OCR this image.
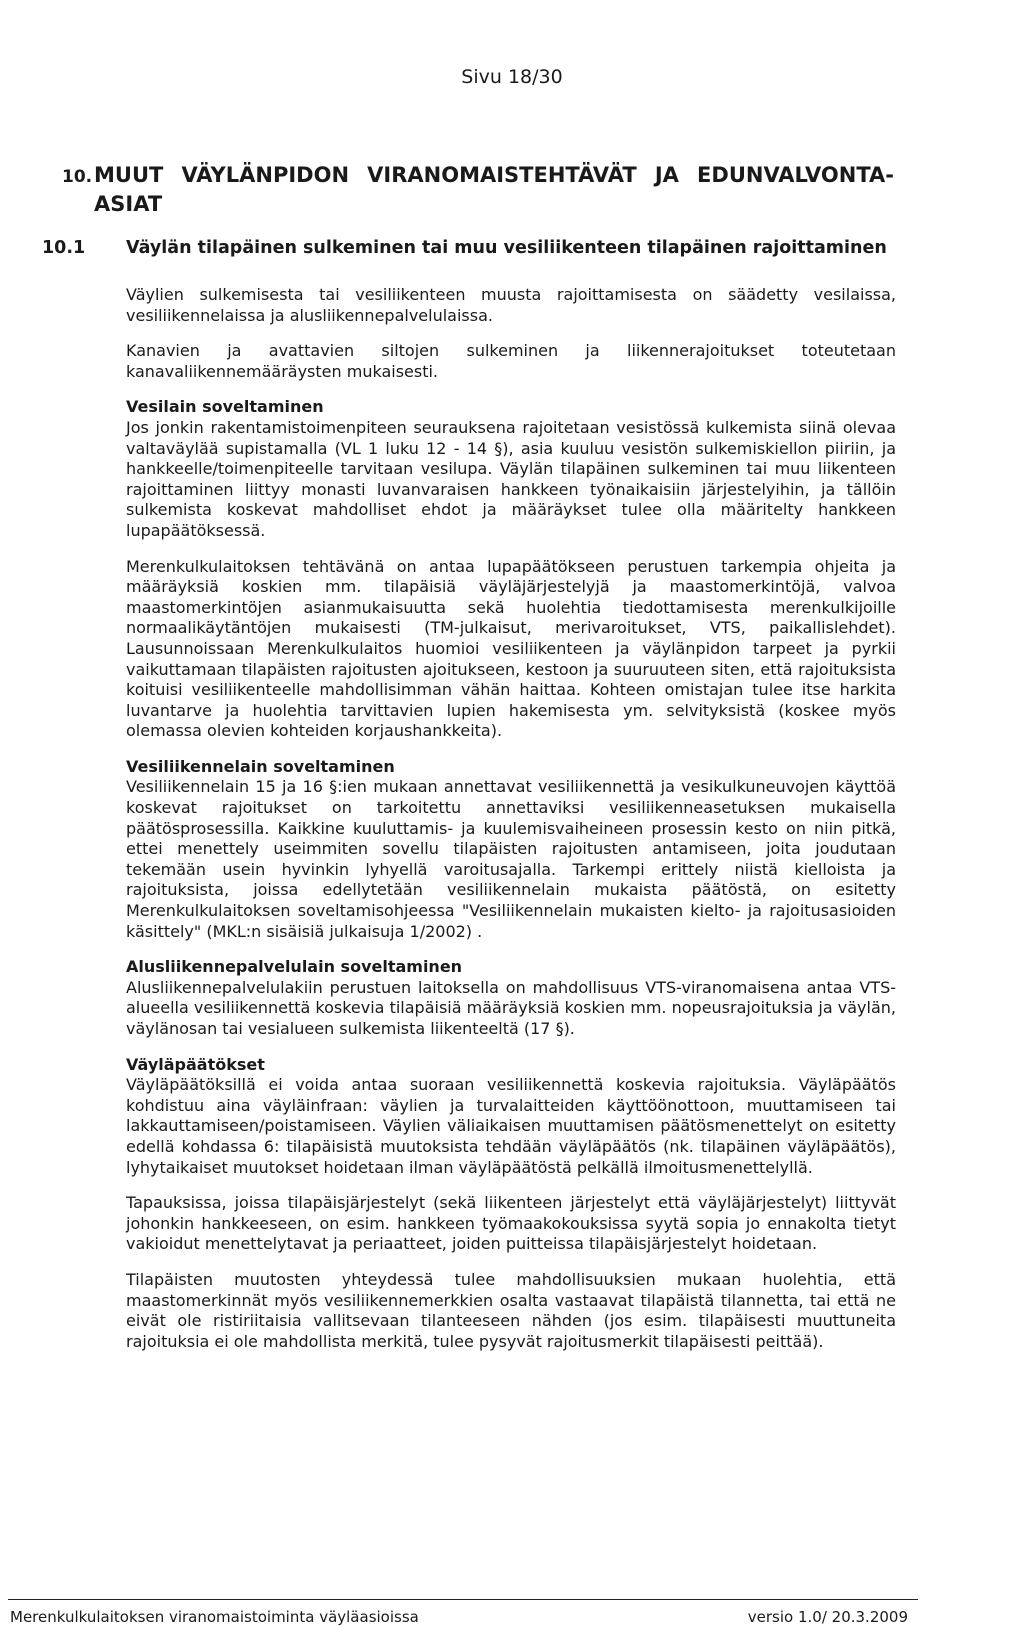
Sivu 18/30
10.MUUT VÄYLÄNPIDON VIRANOMAISTEHTÄVÄT JA EDUNVALVONTA-
ASIAT
10.1 Väylän tilapäinen sulkeminen tai muu vesiliikenteen tilapäinen rajoittaminen

Väylien sulkemisesta tai vesiliikenteen muusta rajoittamisesta on säädetty vesilaissa, vesiliikennelaissa ja alusliikennepalvelulaissa.

Kanavien ja avattavien siltojen sulkeminen ja liikennerajoitukset toteutetaan kanavaliikennemääräysten mukaisesti.

Vesilain soveltaminen

Jos jonkin rakentamistoimenpiteen seurauksena rajoitetaan vesistössä kulkemista siinä olevaa valtaväylää supistamalla (VL 1 luku 12 - 14 §), asia kuuluu vesistön sulkemiskiellon piiriin, ja hankkeelle/toimenpiteelle tarvitaan vesilupa. Väylän tilapäinen sulkeminen tai muu liikenteen rajoittaminen liittyy monasti luvanvaraisen hankkeen työnaikaisiin järjestelyihin, ja tällöin sulkemista koskevat mahdolliset ehdot ja määräykset tulee olla määritelty hankkeen lupapäätöksessä.

Merenkulkulaitoksen tehtävänä on antaa lupapäätökseen perustuen tarkempia ohjeita ja määräyksiä koskien mm. tilapäisiä väyläjärjestelyjä ja maastomerkintöjä, valvoa maastomerkintöjen asianmukaisuutta sekä huolehtia tiedottamisesta merenkulkijoille normaalikäytäntöjen mukaisesti (TM-julkaisut, merivaroitukset, VTS, paikallislehdet). Lausunnoissaan Merenkulkulaitos huomioi vesiliikenteen ja väylänpidon tarpeet ja pyrkii vaikuttamaan tilapäisten rajoitusten ajoitukseen, kestoon ja suuruuteen siten, että rajoituksista koituisi vesiliikenteelle mahdollisimman vähän haittaa. Kohteen omistajan tulee itse harkita luvantarve ja huolehtia tarvittavien lupien hakemisesta ym. selvityksistä (koskee myös olemassa olevien kohteiden korjaushankkeita).

Vesiliikennelain soveltaminen

Vesiliikennelain 15 ja 16 §:ien mukaan annettavat vesiliikennettä ja vesikulkuneuvojen käyttöä koskevat rajoitukset on tarkoitettu annettaviksi vesiliikenneasetuksen mukaisella päätösprosessilla. Kaikkine kuuluttamis- ja kuulemisvaiheineen prosessin kesto on niin pitkä, ettei menettely useimmiten sovellu tilapäisten rajoitusten antamiseen, joita joudutaan tekemään usein hyvinkin lyhyellä varoitusajalla. Tarkempi erittely niistä kielloista ja rajoituksista, joissa edellytetään vesiliikennelain mukaista päätöstä, on esitetty Merenkulkulaitoksen soveltamisohjeessa "Vesiliikennelain mukaisten kielto- ja rajoitusasioiden käsittely" (MKL:n sisäisiä julkaisuja 1/2002) .

Alusliikennepalvelulain soveltaminen

Alusliikennepalvelulakiin perustuen laitoksella on mahdollisuus VTS-viranomaisena antaa VTS-alueella vesiliikennettä koskevia tilapäisiä määräyksiä koskien mm. nopeusrajoituksia ja väylän, väylänosan tai vesialueen sulkemista liikenteeltä (17 §).

Väyläpäätökset

Väyläpäätöksillä ei voida antaa suoraan vesiliikennettä koskevia rajoituksia. Väyläpäätös kohdistuu aina väyläinfraan: väylien ja turvalaitteiden käyttöönottoon, muuttamiseen tai lakkauttamiseen/poistamiseen. Väylien väliaikaisen muuttamisen päätösmenettelyt on esitetty edellä kohdassa 6: tilapäisistä muutoksista tehdään väyläpäätös (nk. tilapäinen väyläpäätös), lyhytaikaiset muutokset hoidetaan ilman väyläpäätöstä pelkällä ilmoitusmenettelyllä.

Tapauksissa, joissa tilapäisjärjestelyt (sekä liikenteen järjestelyt että väyläjärjestelyt) liittyvät johonkin hankkeeseen, on esim. hankkeen työmaakokouksissa syytä sopia jo ennakolta tietyt vakioidut menettelytavat ja periaatteet, joiden puitteissa tilapäisjärjestelyt hoidetaan.

Tilapäisten muutosten yhteydessä tulee mahdollisuuksien mukaan huolehtia, että maastomerkinnät myös vesiliikennemerkkien osalta vastaavat tilapäistä tilannetta, tai että ne eivät ole ristiriitaisia vallitsevaan tilanteeseen nähden (jos esim. tilapäisesti muuttuneita rajoituksia ei ole mahdollista merkitä, tulee pysyvät rajoitusmerkit tilapäisesti peittää).

Merenkulkulaitoksen viranomaistoiminta väyläasioissa	versio 1.0/ 20.3.2009
